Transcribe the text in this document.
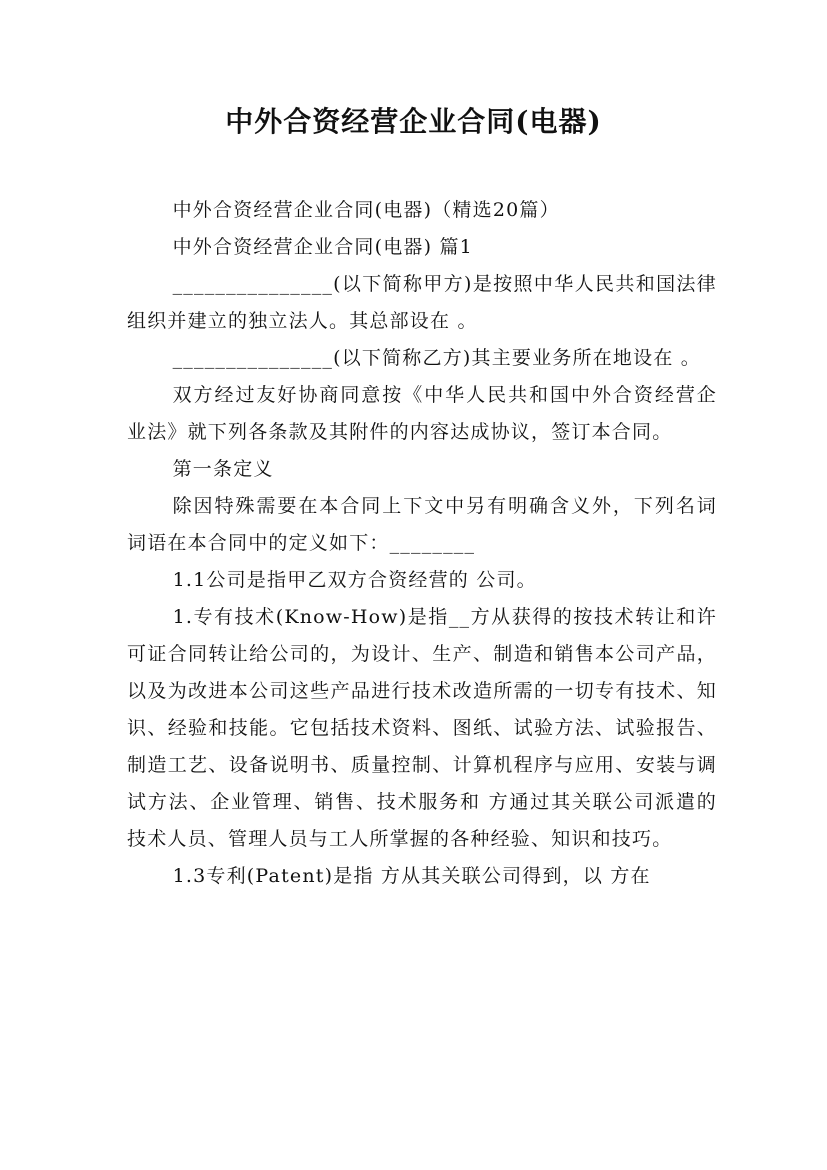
中外合资经营企业合同(电器)

中外合资经营企业合同(电器)（精选20篇）

中外合资经营企业合同(电器) 篇1

_______________(以下简称甲方)是按照中华人民共和国法律组织并建立的独立法人。其总部设在 。

_______________(以下简称乙方)其主要业务所在地设在 。

双方经过友好协商同意按《中华人民共和国中外合资经营企业法》就下列各条款及其附件的内容达成协议，签订本合同。

第一条定义

除因特殊需要在本合同上下文中另有明确含义外，下列名词词语在本合同中的定义如下：________

1.1公司是指甲乙双方合资经营的 公司。

1.专有技术(Know-How)是指__方从获得的按技术转让和许可证合同转让给公司的，为设计、生产、制造和销售本公司产品，以及为改进本公司这些产品进行技术改造所需的一切专有技术、知识、经验和技能。它包括技术资料、图纸、试验方法、试验报告、制造工艺、设备说明书、质量控制、计算机程序与应用、安装与调试方法、企业管理、销售、技术服务和 方通过其关联公司派遣的技术人员、管理人员与工人所掌握的各种经验、知识和技巧。

1.3专利(Patent)是指 方从其关联公司得到，以 方在
